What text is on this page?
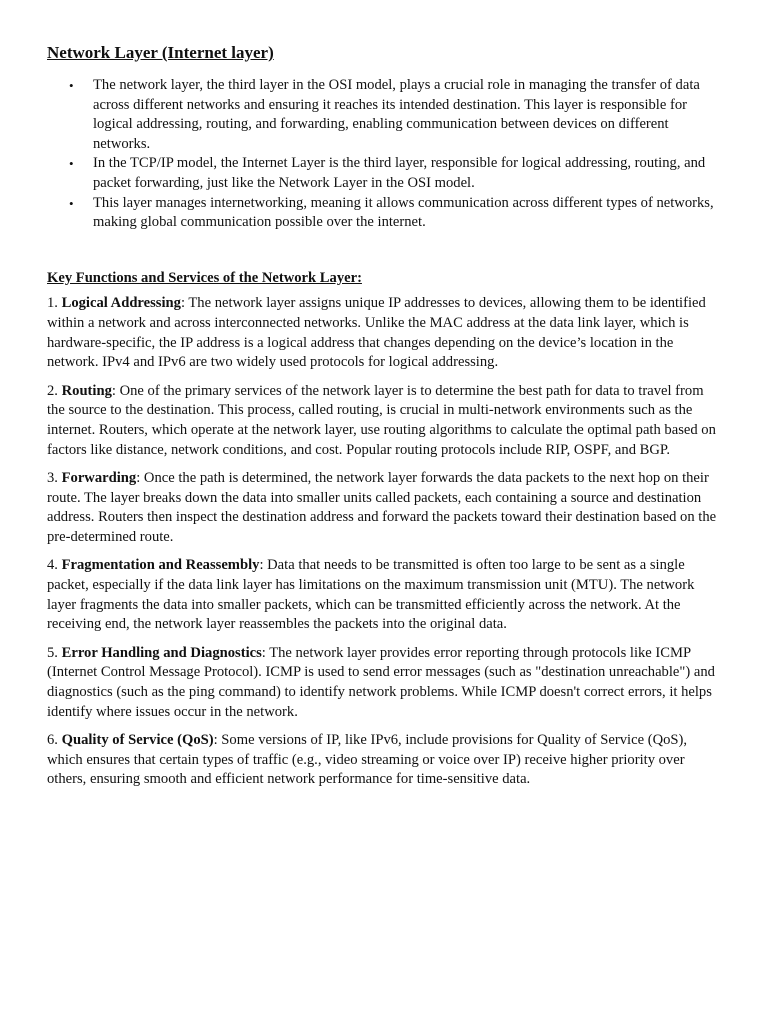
Network Layer (Internet layer)
• The network layer, the third layer in the OSI model, plays a crucial role in managing the transfer of data across different networks and ensuring it reaches its intended destination. This layer is responsible for logical addressing, routing, and forwarding, enabling communication between devices on different networks.
• In the TCP/IP model, the Internet Layer is the third layer, responsible for logical addressing, routing, and packet forwarding, just like the Network Layer in the OSI model.
• This layer manages internetworking, meaning it allows communication across different types of networks, making global communication possible over the internet.
Key Functions and Services of the Network Layer:

1. Logical Addressing: The network layer assigns unique IP addresses to devices, allowing them to be identified within a network and across interconnected networks. Unlike the MAC address at the data link layer, which is hardware-specific, the IP address is a logical address that changes depending on the device’s location in the network. IPv4 and IPv6 are two widely used protocols for logical addressing.

2. Routing: One of the primary services of the network layer is to determine the best path for data to travel from the source to the destination. This process, called routing, is crucial in multi-network environments such as the internet. Routers, which operate at the network layer, use routing algorithms to calculate the optimal path based on factors like distance, network conditions, and cost. Popular routing protocols include RIP, OSPF, and BGP.

3. Forwarding: Once the path is determined, the network layer forwards the data packets to the next hop on their route. The layer breaks down the data into smaller units called packets, each containing a source and destination address. Routers then inspect the destination address and forward the packets toward their destination based on the pre-determined route.

4. Fragmentation and Reassembly: Data that needs to be transmitted is often too large to be sent as a single packet, especially if the data link layer has limitations on the maximum transmission unit (MTU). The network layer fragments the data into smaller packets, which can be transmitted efficiently across the network. At the receiving end, the network layer reassembles the packets into the original data.

5. Error Handling and Diagnostics: The network layer provides error reporting through protocols like ICMP (Internet Control Message Protocol). ICMP is used to send error messages (such as "destination unreachable") and diagnostics (such as the ping command) to identify network problems. While ICMP doesn't correct errors, it helps identify where issues occur in the network.

6. Quality of Service (QoS): Some versions of IP, like IPv6, include provisions for Quality of Service (QoS), which ensures that certain types of traffic (e.g., video streaming or voice over IP) receive higher priority over others, ensuring smooth and efficient network performance for time-sensitive data.
